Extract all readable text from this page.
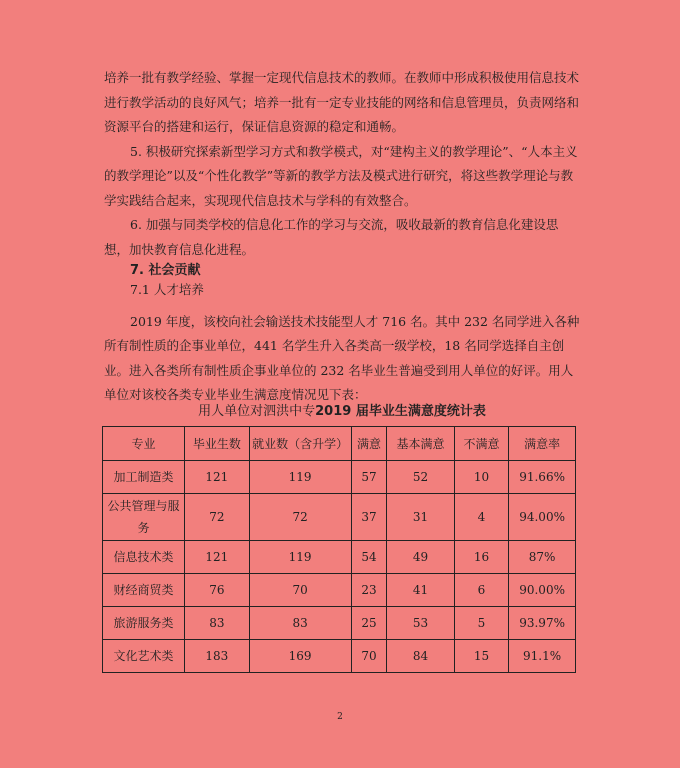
培养一批有教学经验、掌握一定现代信息技术的教师。在教师中形成积极使用信息技术进行教学活动的良好风气；培养一批有一定专业技能的网络和信息管理员，负责网络和资源平台的搭建和运行，保证信息资源的稳定和通畅。

5. 积极研究探索新型学习方式和教学模式，对“建构主义的教学理论”、“人本主义的教学理论”以及“个性化教学”等新的教学方法及模式进行研究，将这些教学理论与教学实践结合起来，实现现代信息技术与学科的有效整合。

6. 加强与同类学校的信息化工作的学习与交流，吸收最新的教育信息化建设思想，加快教育信息化进程。

7. 社会贡献
7.1 人才培养

2019 年度，该校向社会输送技术技能型人才 716 名。其中 232 名同学进入各种所有制性质的企事业单位，441 名学生升入各类高一级学校，18 名同学选择自主创业。进入各类所有制性质企事业单位的 232 名毕业生普遍受到用人单位的好评。用人单位对该校各类专业毕业生满意度情况见下表：

用人单位对泗洪中专2019 届毕业生满意度统计表
专业	毕业生数	就业数（含升学）	满意	基本满意	不满意	满意率
加工制造类	121	119	57	52	10	91.66%
公共管理与服务	72	72	37	31	4	94.00%
信息技术类	121	119	54	49	16	87%
财经商贸类	76	70	23	41	6	90.00%
旅游服务类	83	83	25	53	5	93.97%
文化艺术类	183	169	70	84	15	91.1%
2
